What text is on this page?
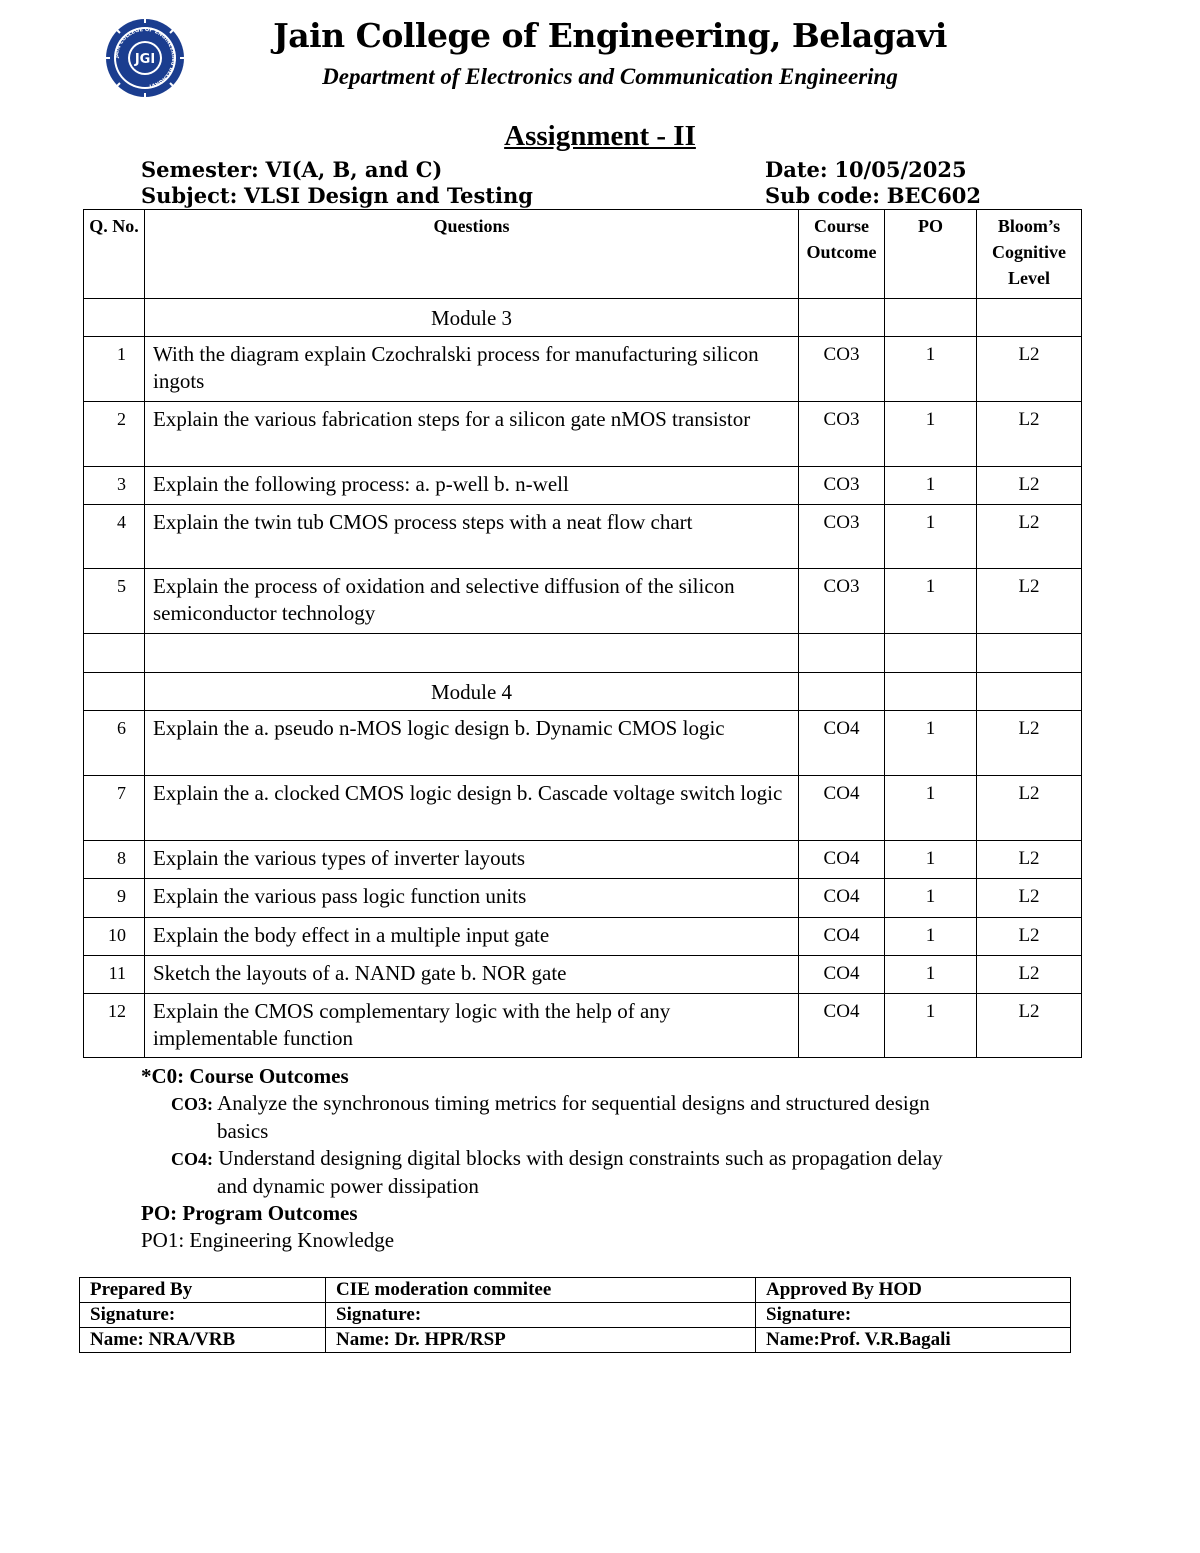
JAIN COLLEGE OF ENGINEERING BELAGAVI
JGI
Jain College of Engineering, Belagavi
Department of Electronics and Communication Engineering
Assignment - II
Semester: VI(A, B, and C)	Date: 10/05/2025
Subject: VLSI Design and Testing	Sub code: BEC602
Q. No.	Questions	Course Outcome	PO	Bloom’s Cognitive Level
	Module 3			
1	With the diagram explain Czochralski process for manufacturing silicon ingots	CO3	1	L2
2	Explain the various fabrication steps for a silicon gate nMOS transistor	CO3	1	L2
3	Explain the following process: a. p-well b. n-well	CO3	1	L2
4	Explain the twin tub CMOS process steps with a neat flow chart	CO3	1	L2
5	Explain the process of oxidation and selective diffusion of the silicon semiconductor technology	CO3	1	L2

	Module 4			
6	Explain the a. pseudo n-MOS logic design b. Dynamic CMOS logic	CO4	1	L2
7	Explain the a. clocked CMOS logic design b. Cascade voltage switch logic	CO4	1	L2
8	Explain the various types of inverter layouts	CO4	1	L2
9	Explain the various pass logic function units	CO4	1	L2
10	Explain the body effect in a multiple input gate	CO4	1	L2
11	Sketch the layouts of a. NAND gate b. NOR gate	CO4	1	L2
12	Explain the CMOS complementary logic with the help of any implementable function	CO4	1	L2
*C0: Course Outcomes
CO3: Analyze the synchronous timing metrics for sequential designs and structured design
basics
CO4: Understand designing digital blocks with design constraints such as propagation delay
and dynamic power dissipation
PO: Program Outcomes
PO1: Engineering Knowledge
Prepared By	CIE moderation commitee	Approved By HOD
Signature:	Signature:	Signature:
Name: NRA/VRB	Name: Dr. HPR/RSP	Name:Prof. V.R.Bagali
